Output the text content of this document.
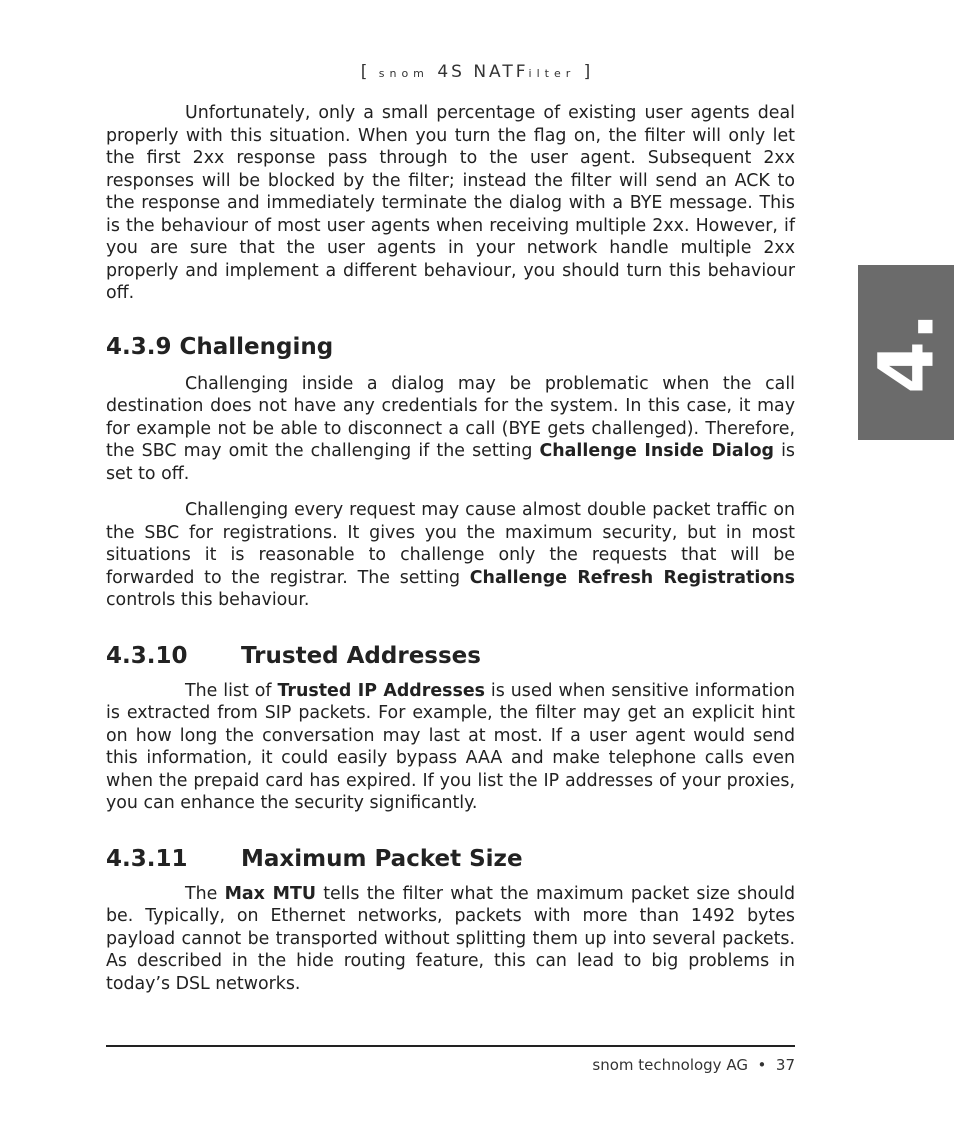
[ snom 4S NATFilter ]
4.

Unfortunately, only a small percentage of existing user agents deal properly with this situation. When you turn the flag on, the filter will only let the first 2xx response pass through to the user agent. Subsequent 2xx responses will be blocked by the filter; instead the filter will send an ACK to the response and immediately terminate the dialog with a BYE message. This is the behaviour of most user agents when receiving multiple 2xx. However, if you are sure that the user agents in your network handle multiple 2xx properly and implement a different behaviour, you should turn this behaviour off.

4.3.9 Challenging

Challenging inside a dialog may be problematic when the call destination does not have any credentials for the system. In this case, it may for example not be able to disconnect a call (BYE gets challenged). Therefore, the SBC may omit the challenging if the setting Challenge Inside Dialog is set to off.

Challenging every request may cause almost double packet traffic on the SBC for registrations. It gives you the maximum security, but in most situations it is reasonable to challenge only the requests that will be forwarded to the registrar. The setting Challenge Refresh Registrations controls this behaviour.

4.3.10 Trusted Addresses

The list of Trusted IP Addresses is used when sensitive information is extracted from SIP packets. For example, the filter may get an explicit hint on how long the conversation may last at most. If a user agent would send this information, it could easily bypass AAA and make telephone calls even when the prepaid card has expired. If you list the IP addresses of your proxies, you can enhance the security significantly.

4.3.11 Maximum Packet Size

The Max MTU tells the filter what the maximum packet size should be. Typically, on Ethernet networks, packets with more than 1492 bytes payload cannot be transported without splitting them up into several packets. As described in the hide routing feature, this can lead to big problems in today’s DSL networks.

snom technology AG • 37
